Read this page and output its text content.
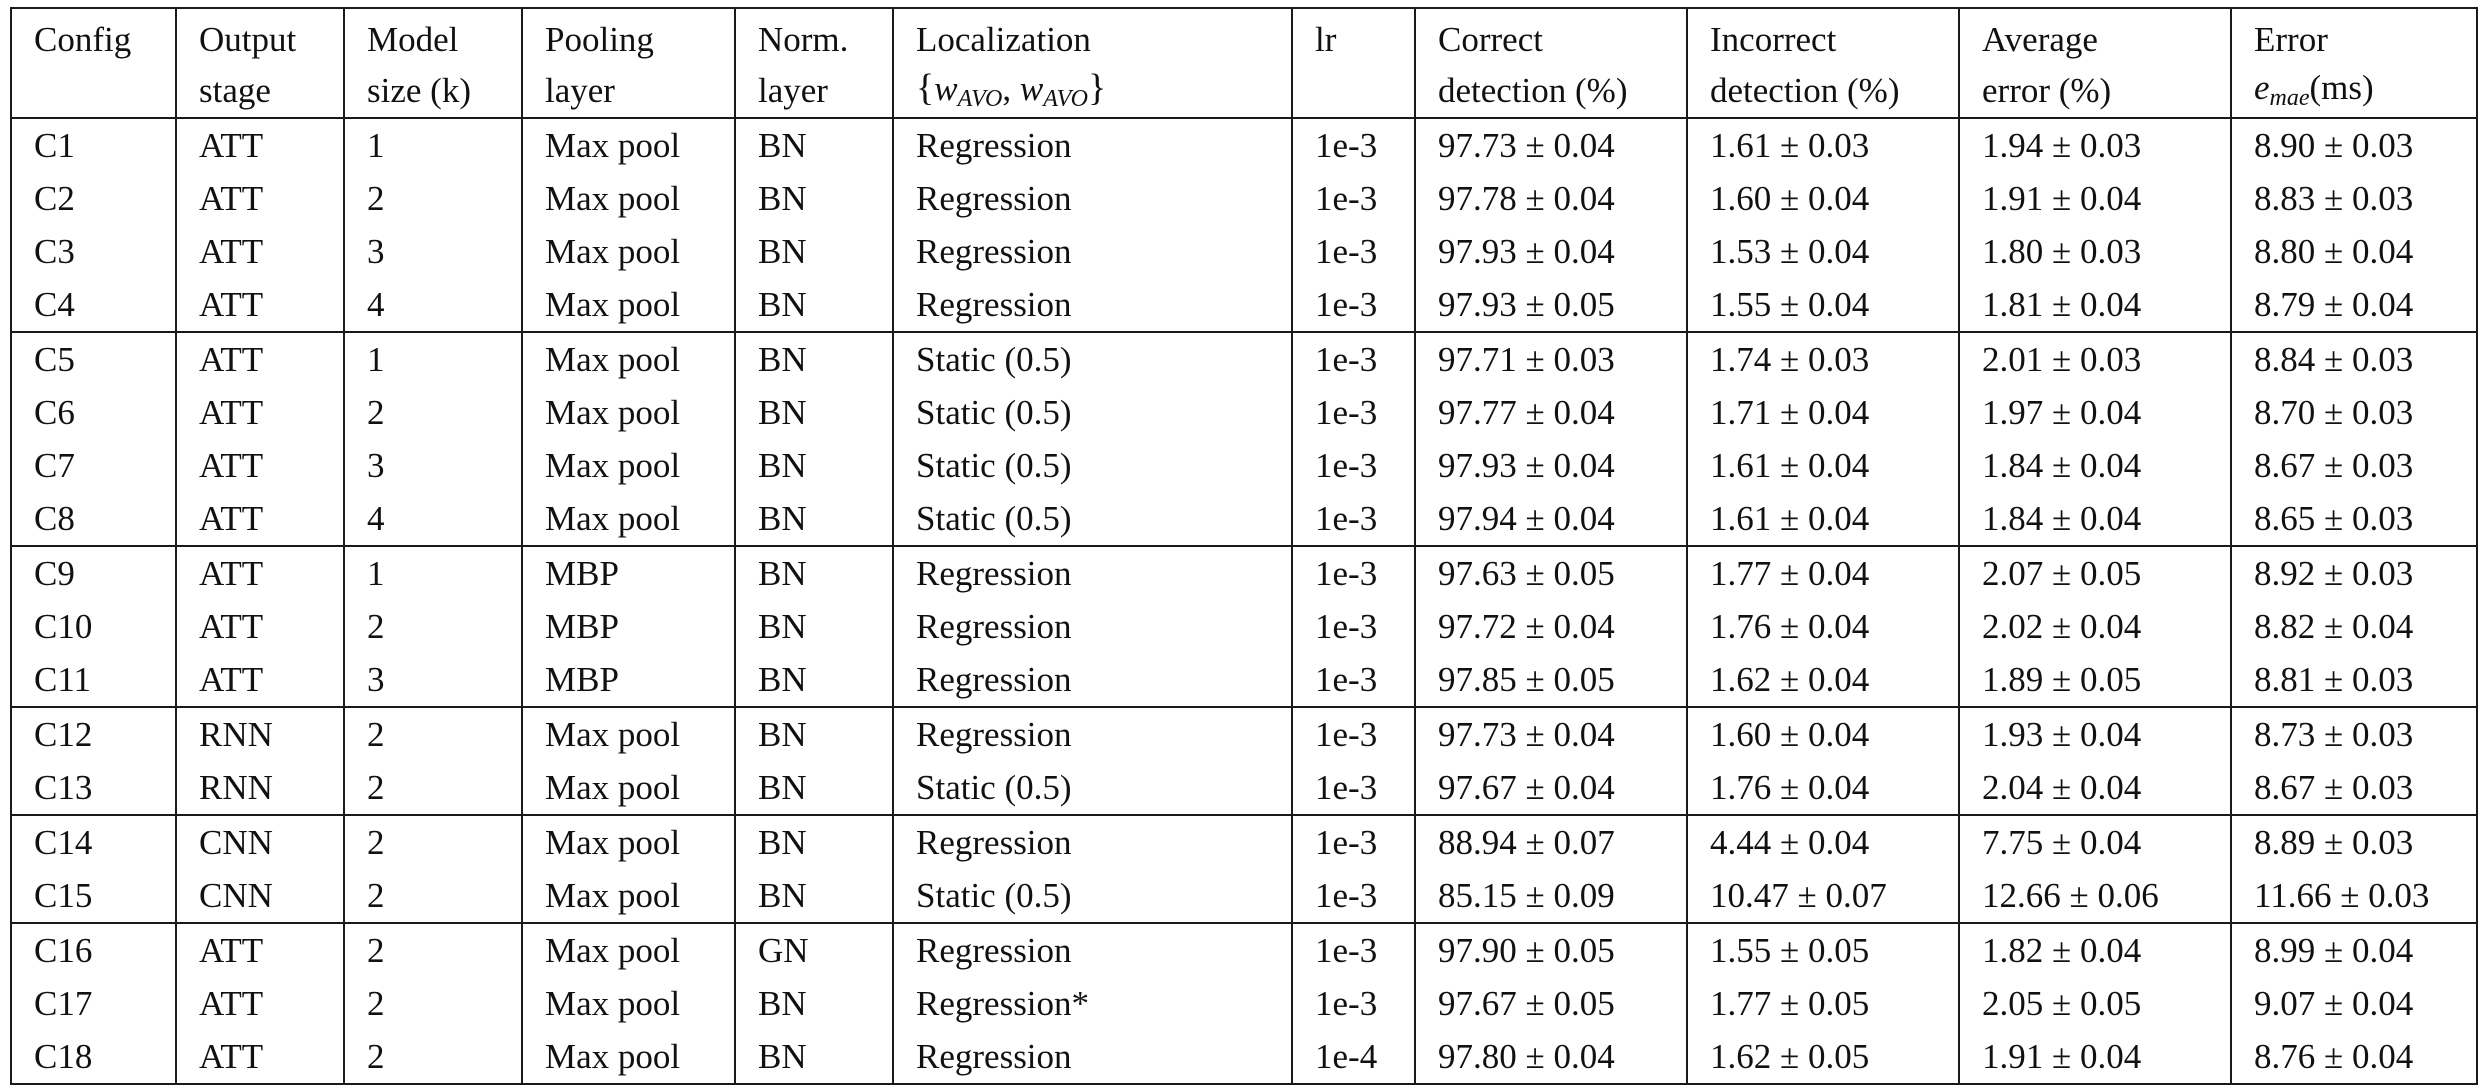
Config	Output	Model	Pooling	Norm.	Localization	lr	Correct	Incorrect	Average	Error
	stage	size (k)	layer	layer	{$w_{AVO}$, $w_{AVO}$}		detection (%)	detection (%)	error (%)	$e_{mae}(ms)$
C1	ATT	1	Max pool	BN	Regression	1e-3	97.73 ± 0.04	1.61 ± 0.03	1.94 ± 0.03	8.90 ± 0.03
C2	ATT	2	Max pool	BN	Regression	1e-3	97.78 ± 0.04	1.60 ± 0.04	1.91 ± 0.04	8.83 ± 0.03
C3	ATT	3	Max pool	BN	Regression	1e-3	97.93 ± 0.04	1.53 ± 0.04	1.80 ± 0.03	8.80 ± 0.04
C4	ATT	4	Max pool	BN	Regression	1e-3	97.93 ± 0.05	1.55 ± 0.04	1.81 ± 0.04	8.79 ± 0.04
C5	ATT	1	Max pool	BN	Static (0.5)	1e-3	97.71 ± 0.03	1.74 ± 0.03	2.01 ± 0.03	8.84 ± 0.03
C6	ATT	2	Max pool	BN	Static (0.5)	1e-3	97.77 ± 0.04	1.71 ± 0.04	1.97 ± 0.04	8.70 ± 0.03
C7	ATT	3	Max pool	BN	Static (0.5)	1e-3	97.93 ± 0.04	1.61 ± 0.04	1.84 ± 0.04	8.67 ± 0.03
C8	ATT	4	Max pool	BN	Static (0.5)	1e-3	97.94 ± 0.04	1.61 ± 0.04	1.84 ± 0.04	8.65 ± 0.03
C9	ATT	1	MBP	BN	Regression	1e-3	97.63 ± 0.05	1.77 ± 0.04	2.07 ± 0.05	8.92 ± 0.03
C10	ATT	2	MBP	BN	Regression	1e-3	97.72 ± 0.04	1.76 ± 0.04	2.02 ± 0.04	8.82 ± 0.04
C11	ATT	3	MBP	BN	Regression	1e-3	97.85 ± 0.05	1.62 ± 0.04	1.89 ± 0.05	8.81 ± 0.03
C12	RNN	2	Max pool	BN	Regression	1e-3	97.73 ± 0.04	1.60 ± 0.04	1.93 ± 0.04	8.73 ± 0.03
C13	RNN	2	Max pool	BN	Static (0.5)	1e-3	97.67 ± 0.04	1.76 ± 0.04	2.04 ± 0.04	8.67 ± 0.03
C14	CNN	2	Max pool	BN	Regression	1e-3	88.94 ± 0.07	4.44 ± 0.04	7.75 ± 0.04	8.89 ± 0.03
C15	CNN	2	Max pool	BN	Static (0.5)	1e-3	85.15 ± 0.09	10.47 ± 0.07	12.66 ± 0.06	11.66 ± 0.03
C16	ATT	2	Max pool	GN	Regression	1e-3	97.90 ± 0.05	1.55 ± 0.05	1.82 ± 0.04	8.99 ± 0.04
C17	ATT	2	Max pool	BN	Regression*	1e-3	97.67 ± 0.05	1.77 ± 0.05	2.05 ± 0.05	9.07 ± 0.04
C18	ATT	2	Max pool	BN	Regression	1e-4	97.80 ± 0.04	1.62 ± 0.05	1.91 ± 0.04	8.76 ± 0.04
